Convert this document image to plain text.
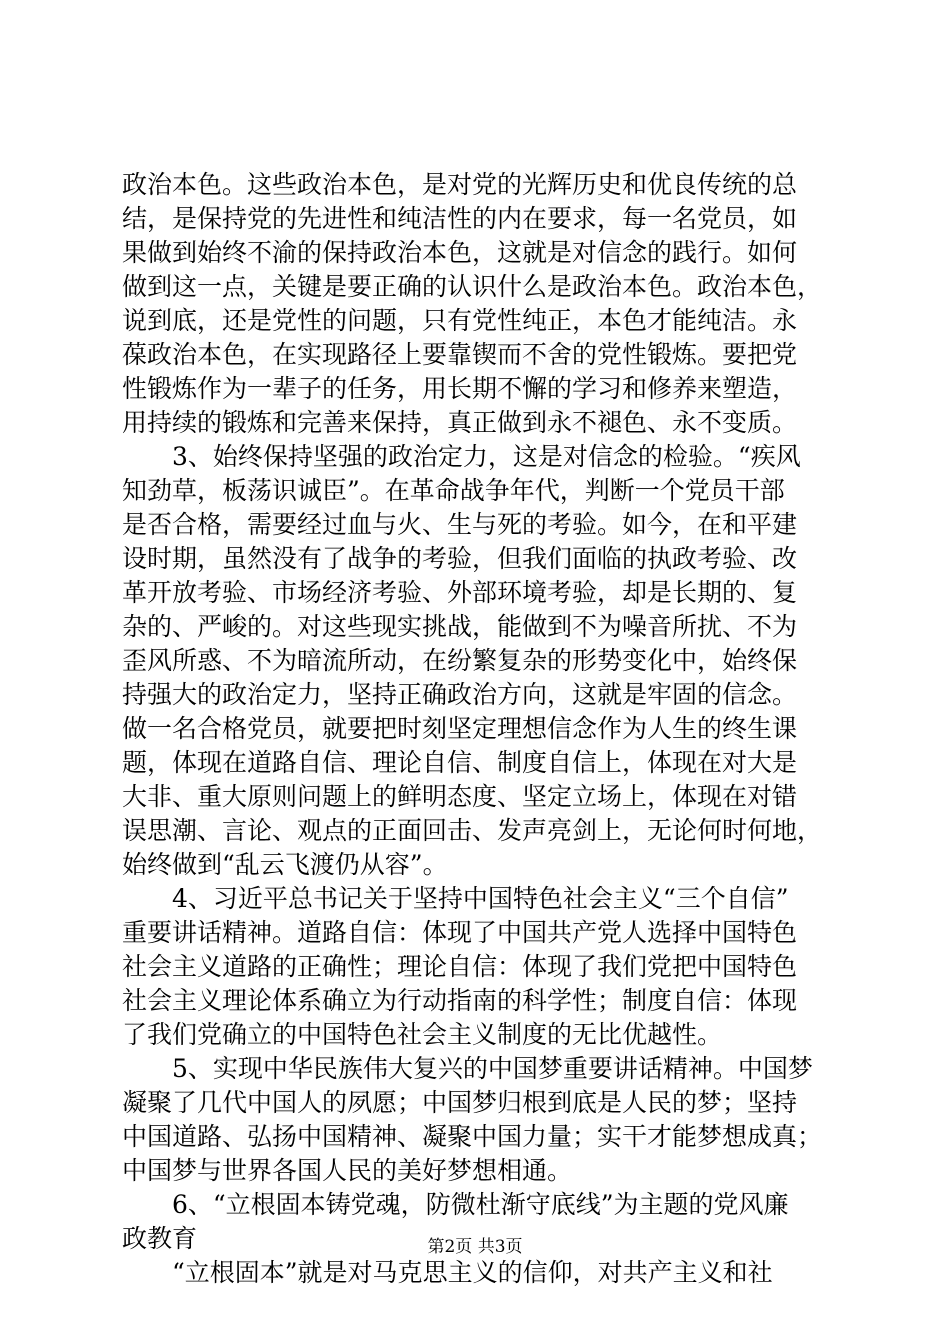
政治本色。这些政治本色，是对党的光辉历史和优良传统的总
结，是保持党的先进性和纯洁性的内在要求，每一名党员，如
果做到始终不渝的保持政治本色，这就是对信念的践行。如何
做到这一点，关键是要正确的认识什么是政治本色。政治本色，
说到底，还是党性的问题，只有党性纯正，本色才能纯洁。永
葆政治本色，在实现路径上要靠锲而不舍的党性锻炼。要把党
性锻炼作为一辈子的任务，用长期不懈的学习和修养来塑造，
用持续的锻炼和完善来保持，真正做到永不褪色、永不变质。
　　3、始终保持坚强的政治定力，这是对信念的检验。“疾风
知劲草，板荡识诚臣”。在革命战争年代，判断一个党员干部
是否合格，需要经过血与火、生与死的考验。如今，在和平建
设时期，虽然没有了战争的考验，但我们面临的执政考验、改
革开放考验、市场经济考验、外部环境考验，却是长期的、复
杂的、严峻的。对这些现实挑战，能做到不为噪音所扰、不为
歪风所惑、不为暗流所动，在纷繁复杂的形势变化中，始终保
持强大的政治定力，坚持正确政治方向，这就是牢固的信念。
做一名合格党员，就要把时刻坚定理想信念作为人生的终生课
题，体现在道路自信、理论自信、制度自信上，体现在对大是
大非、重大原则问题上的鲜明态度、坚定立场上，体现在对错
误思潮、言论、观点的正面回击、发声亮剑上，无论何时何地，
始终做到“乱云飞渡仍从容”。
　　4、习近平总书记关于坚持中国特色社会主义“三个自信”
重要讲话精神。道路自信：体现了中国共产党人选择中国特色
社会主义道路的正确性；理论自信：体现了我们党把中国特色
社会主义理论体系确立为行动指南的科学性；制度自信：体现
了我们党确立的中国特色社会主义制度的无比优越性。
　　5、实现中华民族伟大复兴的中国梦重要讲话精神。中国梦
凝聚了几代中国人的夙愿；中国梦归根到底是人民的梦；坚持
中国道路、弘扬中国精神、凝聚中国力量；实干才能梦想成真；
中国梦与世界各国人民的美好梦想相通。
　　6、“立根固本铸党魂，防微杜渐守底线”为主题的党风廉
政教育
　　“立根固本”就是对马克思主义的信仰，对共产主义和社
第2页 共3页
